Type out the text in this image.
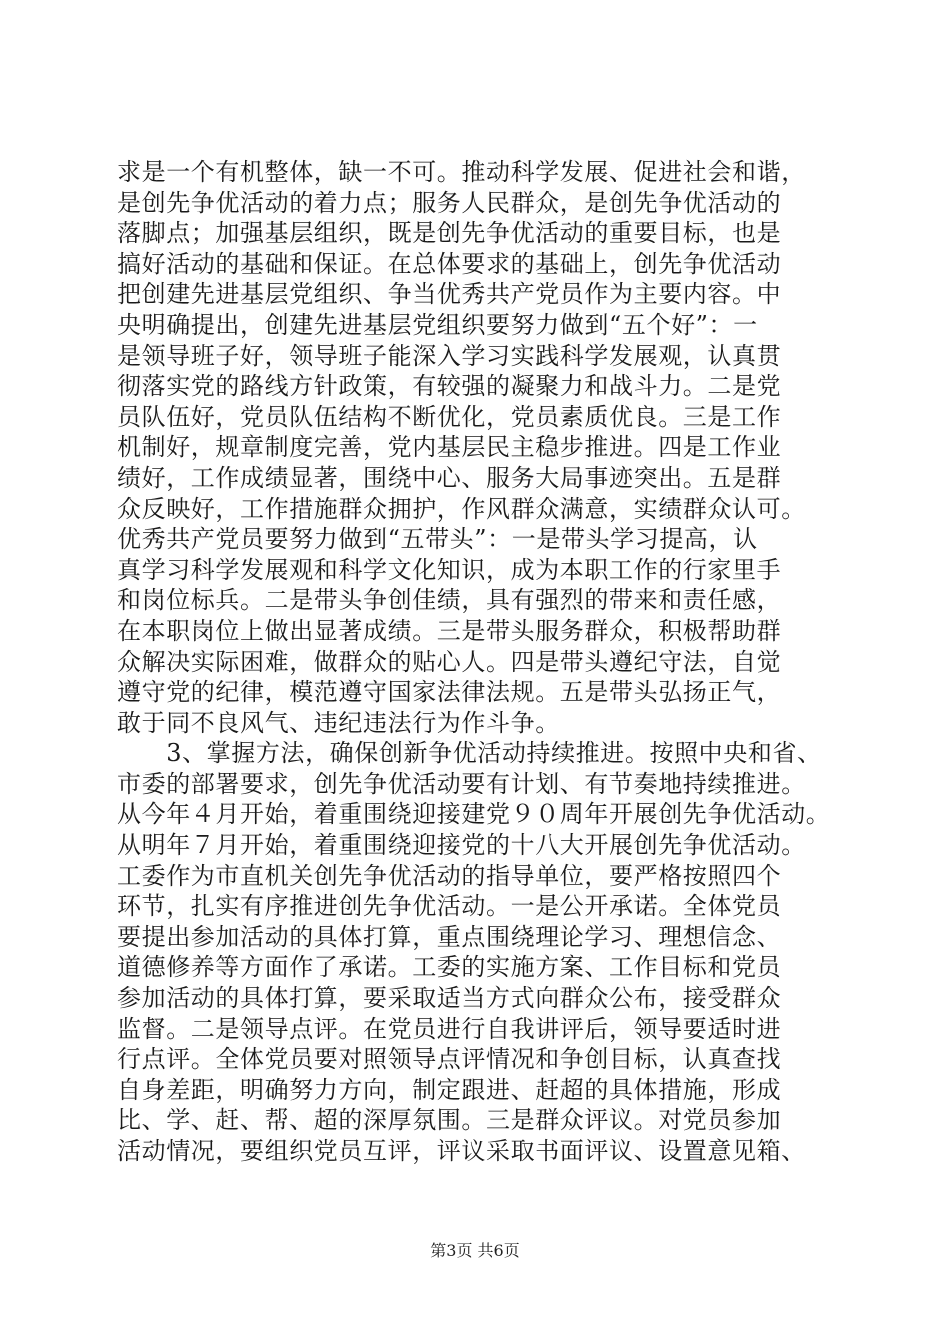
求是一个有机整体，缺一不可。推动科学发展、促进社会和谐，
是创先争优活动的着力点；服务人民群众，是创先争优活动的
落脚点；加强基层组织，既是创先争优活动的重要目标，也是
搞好活动的基础和保证。在总体要求的基础上，创先争优活动
把创建先进基层党组织、争当优秀共产党员作为主要内容。中
央明确提出，创建先进基层党组织要努力做到“五个好”：一
是领导班子好，领导班子能深入学习实践科学发展观，认真贯
彻落实党的路线方针政策，有较强的凝聚力和战斗力。二是党
员队伍好，党员队伍结构不断优化，党员素质优良。三是工作
机制好，规章制度完善，党内基层民主稳步推进。四是工作业
绩好，工作成绩显著，围绕中心、服务大局事迹突出。五是群
众反映好，工作措施群众拥护，作风群众满意，实绩群众认可。
优秀共产党员要努力做到“五带头”：一是带头学习提高，认
真学习科学发展观和科学文化知识，成为本职工作的行家里手
和岗位标兵。二是带头争创佳绩，具有强烈的带来和责任感，
在本职岗位上做出显著成绩。三是带头服务群众，积极帮助群
众解决实际困难，做群众的贴心人。四是带头遵纪守法，自觉
遵守党的纪律，模范遵守国家法律法规。五是带头弘扬正气，
敢于同不良风气、违纪违法行为作斗争。
　　3、掌握方法，确保创新争优活动持续推进。按照中央和省、
市委的部署要求，创先争优活动要有计划、有节奏地持续推进。
从今年４月开始，着重围绕迎接建党９０周年开展创先争优活动。
从明年７月开始，着重围绕迎接党的十八大开展创先争优活动。
工委作为市直机关创先争优活动的指导单位，要严格按照四个
环节，扎实有序推进创先争优活动。一是公开承诺。全体党员
要提出参加活动的具体打算，重点围绕理论学习、理想信念、
道德修养等方面作了承诺。工委的实施方案、工作目标和党员
参加活动的具体打算，要采取适当方式向群众公布，接受群众
监督。二是领导点评。在党员进行自我讲评后，领导要适时进
行点评。全体党员要对照领导点评情况和争创目标，认真查找
自身差距，明确努力方向，制定跟进、赶超的具体措施，形成
比、学、赶、帮、超的深厚氛围。三是群众评议。对党员参加
活动情况，要组织党员互评，评议采取书面评议、设置意见箱、
第3页 共6页
